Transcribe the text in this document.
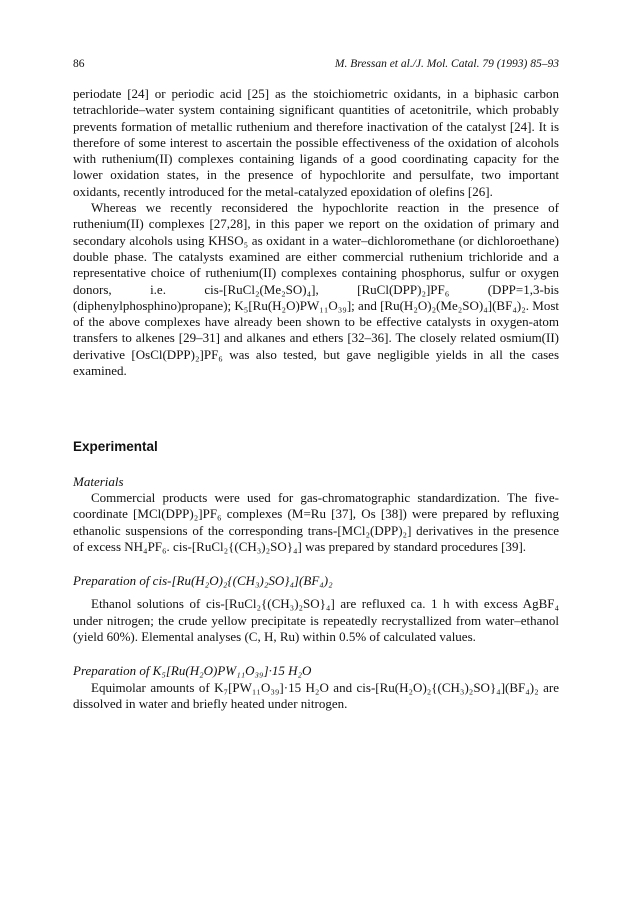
86	M. Bressan et al./J. Mol. Catal. 79 (1993) 85–93

periodate [24] or periodic acid [25] as the stoichiometric oxidants, in a biphasic carbon tetrachloride–water system containing significant quantities of acetonitrile, which probably prevents formation of metallic ruthenium and therefore inactivation of the catalyst [24]. It is therefore of some interest to ascertain the possible effectiveness of the oxidation of alcohols with ruthenium(II) complexes containing ligands of a good coordinating capacity for the lower oxidation states, in the presence of hypochlorite and persulfate, two important oxidants, recently introduced for the metal-catalyzed epoxidation of olefins [26].

Whereas we recently reconsidered the hypochlorite reaction in the presence of ruthenium(II) complexes [27,28], in this paper we report on the oxidation of primary and secondary alcohols using KHSO₅ as oxidant in a water–dichloromethane (or dichloroethane) double phase. The catalysts examined are either commercial ruthenium trichloride and a representative choice of ruthenium(II) complexes containing phosphorus, sulfur or oxygen donors, i.e. cis-[RuCl₂(Me₂SO)₄], [RuCl(DPP)₂]PF₆ (DPP=1,3-bis (diphenylphosphino)propane); K₅[Ru(H₂O)PW₁₁O₃₉]; and [Ru(H₂O)₂(Me₂SO)₄](BF₄)₂. Most of the above complexes have already been shown to be effective catalysts in oxygen-atom transfers to alkenes [29–31] and alkanes and ethers [32–36]. The closely related osmium(II) derivative [OsCl(DPP)₂]PF₆ was also tested, but gave negligible yields in all the cases examined.

Experimental

Materials

Commercial products were used for gas-chromatographic standardization. The five-coordinate [MCl(DPP)₂]PF₆ complexes (M=Ru [37], Os [38]) were prepared by refluxing ethanolic suspensions of the corresponding trans-[MCl₂(DPP)₂] derivatives in the presence of excess NH₄PF₆. cis-[RuCl₂{(CH₃)₂SO}₄] was prepared by standard procedures [39].

Preparation of cis-[Ru(H₂O)₂{(CH₃)₂SO}₄](BF₄)₂

Ethanol solutions of cis-[RuCl₂{(CH₃)₂SO}₄] are refluxed ca. 1 h with excess AgBF₄ under nitrogen; the crude yellow precipitate is repeatedly recrystallized from water–ethanol (yield 60%). Elemental analyses (C, H, Ru) within 0.5% of calculated values.

Preparation of K₅[Ru(H₂O)PW₁₁O₃₉]·15 H₂O

Equimolar amounts of K₇[PW₁₁O₃₉]·15 H₂O and cis-[Ru(H₂O)₂{(CH₃)₂SO}₄](BF₄)₂ are dissolved in water and briefly heated under nitrogen.
